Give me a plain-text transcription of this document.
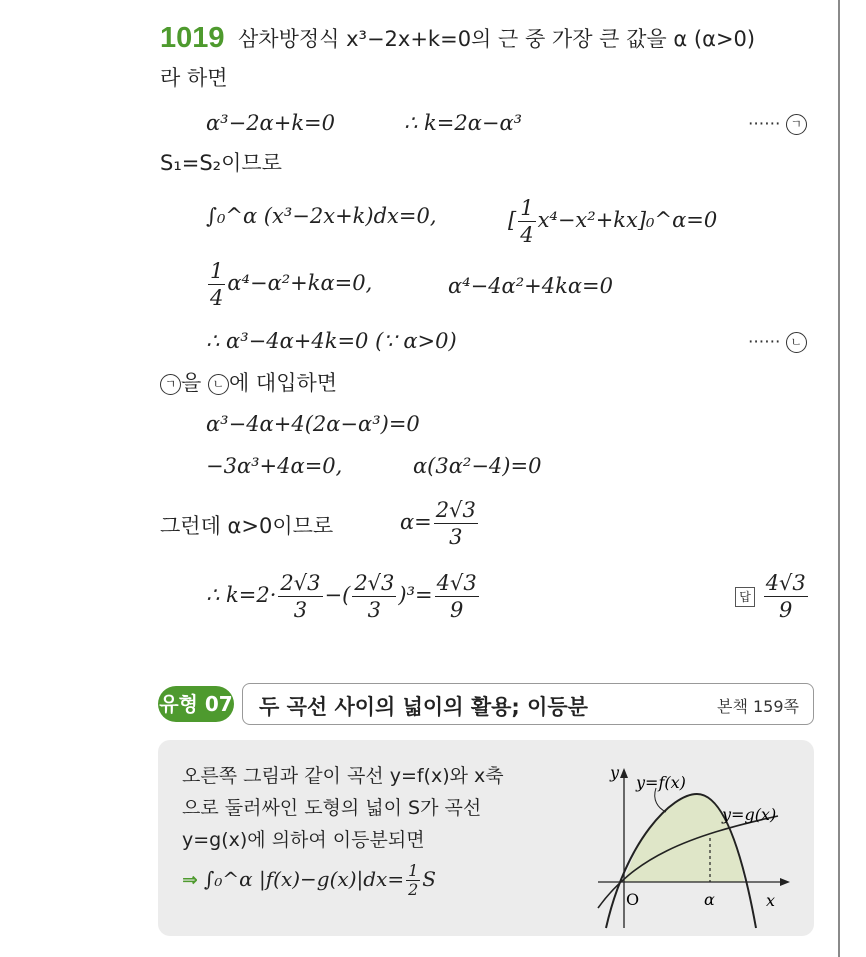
1019 삼차방정식 x³−2x+k=0의 근 중 가장 큰 값을 α (α>0)
라 하면
α³−2α+k=0	∴ k=2α−α³	······ ㄱ
S₁=S₂이므로
∫₀^α (x³−2x+k)dx=0,	[ $\frac{1}{4}$ x⁴−x²+kx]₀^α=0
$\frac{1}{4} \alpha^4-\alpha^2+k\alpha=0$,	α⁴−4α²+4kα=0
∴ α³−4α+4k=0 (∵ α>0)	······ ㄴ
ㄱ 을 ㄴ 에 대입하면
α³−4α+4(2α−α³)=0
−3α³+4α=0,	α(3α²−4)=0
그런데 α>0이므로	$\alpha= \frac{2√3}{3}$
∴ $k=2\cdot \frac{2√3}{3}$ −( $\frac{2√3}{3} )^3= \frac{4√3}{9}$	답 $\frac{4√3}{9}$
유형 07 두 곡선 사이의 넓이의 활용; 이등분	본책 159쪽
오른쪽 그림과 같이 곡선 y=f(x)와 x축
으로 둘러싸인 도형의 넓이 S가 곡선
y=g(x)에 의하여 이등분되면
⇒ ∫₀^α $|f(x)-g(x)|dx= \frac{1}{2}$ S
y
x
O	α
y=f(x)
y=g(x)
